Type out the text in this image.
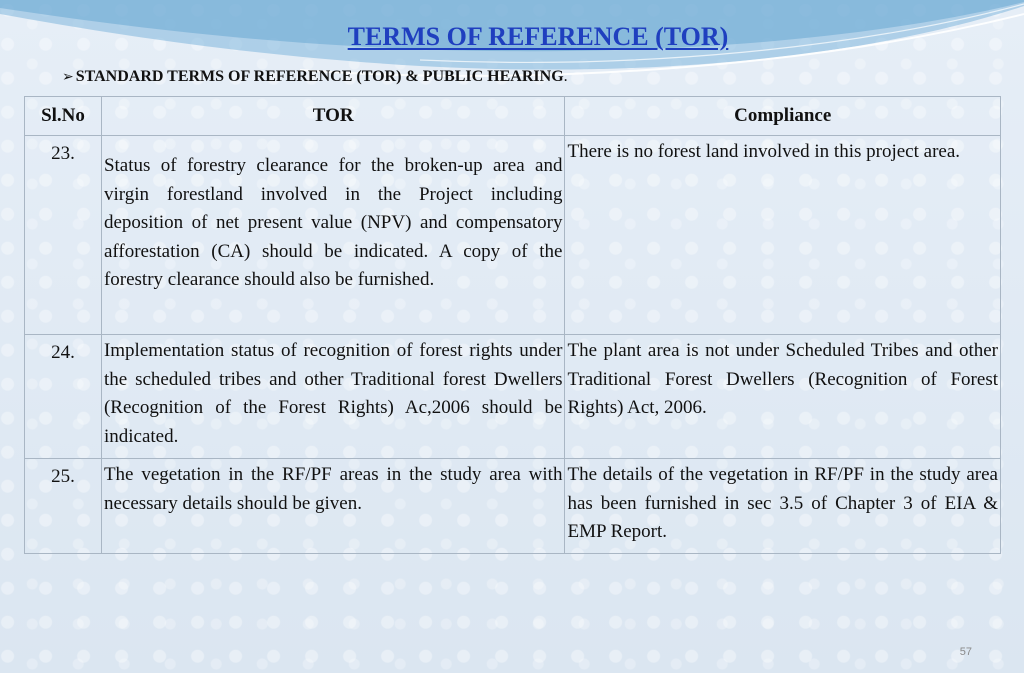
TERMS OF REFERENCE (TOR)
➢ STANDARD TERMS OF REFERENCE (TOR) & PUBLIC HEARING.
Sl.No	TOR	Compliance
23.	Status of forestry clearance for the broken-up area and virgin forestland involved in the Project including deposition of net present value (NPV) and compensatory afforestation (CA) should be indicated. A copy of the forestry clearance should also be furnished.	There is no forest land involved in this project area.
24.	Implementation status of recognition of forest rights under the scheduled tribes and other Traditional forest Dwellers (Recognition of the Forest Rights) Ac,2006 should be indicated.	The plant area is not under Scheduled Tribes and other Traditional Forest Dwellers (Recognition of Forest Rights) Act, 2006.
25.	The vegetation in the RF/PF areas in the study area with necessary details should be given.	The details of the vegetation in RF/PF in the study area has been furnished in sec 3.5 of Chapter 3 of EIA & EMP Report.
57
